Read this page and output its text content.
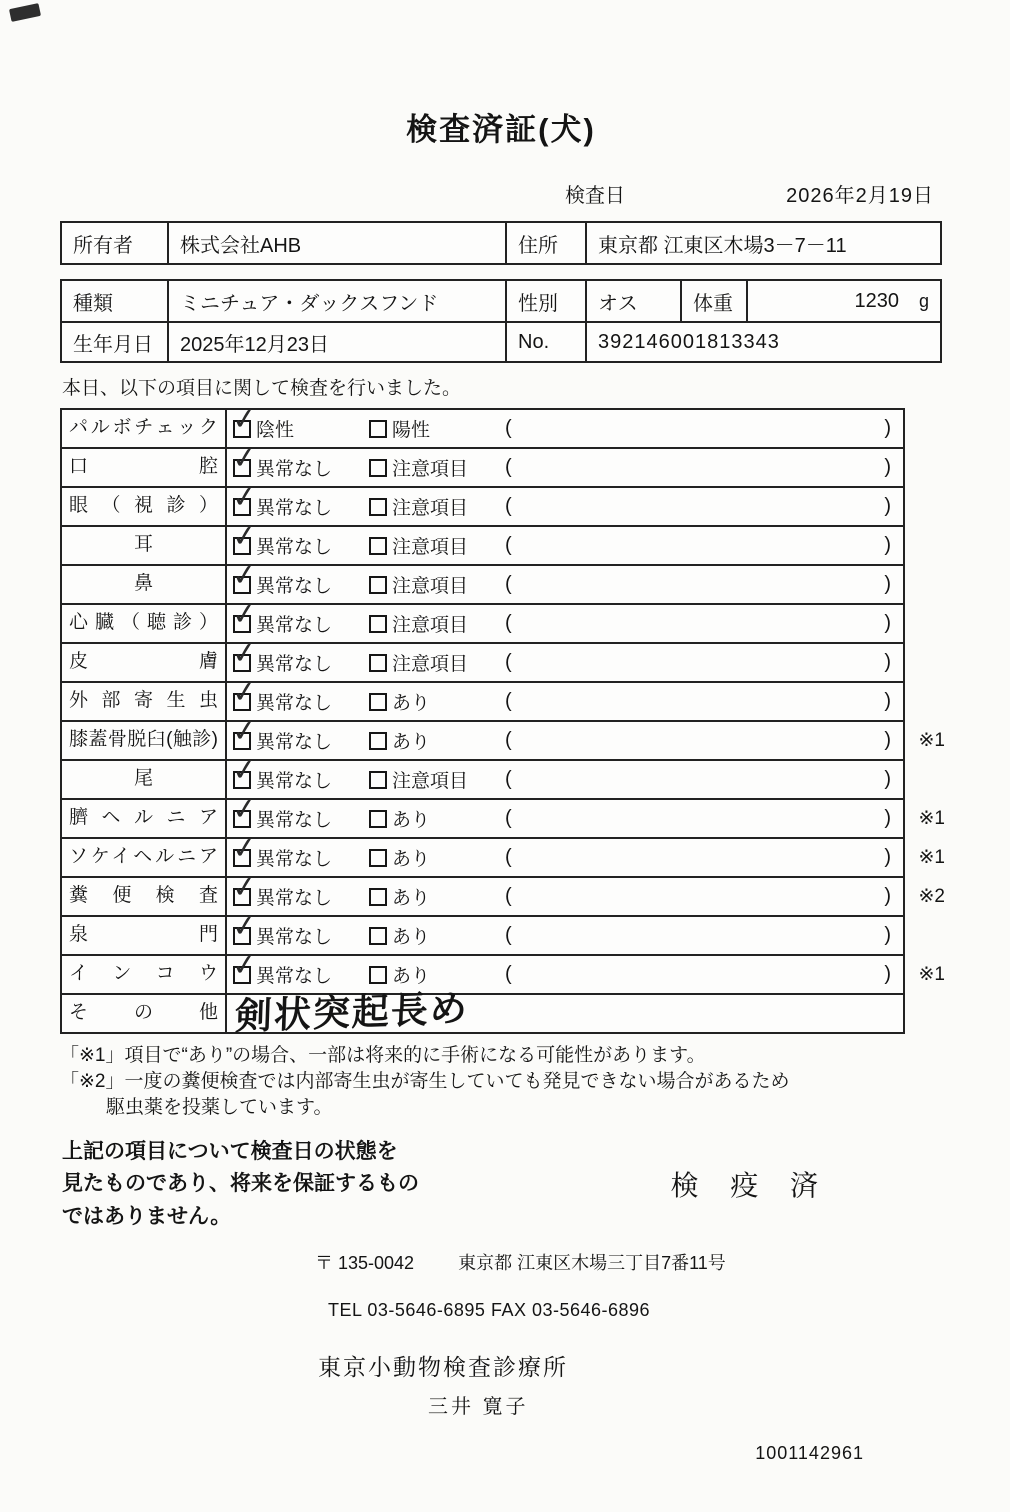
検査済証(犬)
検査日	2026年2月19日
所有者	株式会社AHB	住所	東京都 江東区木場3－7－11
種類	ミニチュア・ダックスフンド	性別	オス	体重	1230 g
生年月日	2025年12月23日	No.	392146001813343
本日、以下の項目に関して検査を行いました。
パルボチェック ✓	陰性	陽性	(	)
口腔 ✓	異常なし	注意項目 (	)
眼（視診） ✓	異常なし	注意項目 (	)
耳 ✓	異常なし	注意項目 (	)
鼻 ✓	異常なし	注意項目 (	)
心臓（聴診） ✓	異常なし	注意項目 (	)
皮膚 ✓	異常なし	注意項目 (	)
外部寄生虫 ✓	異常なし	あり	(	)
膝蓋骨脱臼(触診) ✓	異常なし	あり	(	) ※1
尾 ✓	異常なし	注意項目 (	)
臍ヘルニア ✓	異常なし	あり	(	) ※1
ソケイヘルニア ✓	異常なし	あり	(	) ※1
糞便検査 ✓	異常なし	あり	(	) ※2
泉門 ✓	異常なし	あり	(	)
インコウ ✓	異常なし	あり	(	) ※1
その他 剣状突起長め
「※1」項目で“あり”の場合、一部は将来的に手術になる可能性があります。
「※2」一度の糞便検査では内部寄生虫が寄生していても発見できない場合があるため
駆虫薬を投薬しています。
上記の項目について検査日の状態を
見たものであり、将来を保証するもの
ではありません。
検 疫 済
〒 135-0042 東京都 江東区木場三丁目7番11号
TEL 03-5646-6895 FAX 03-5646-6896
東京小動物検査診療所
三井 寛子
1001142961
